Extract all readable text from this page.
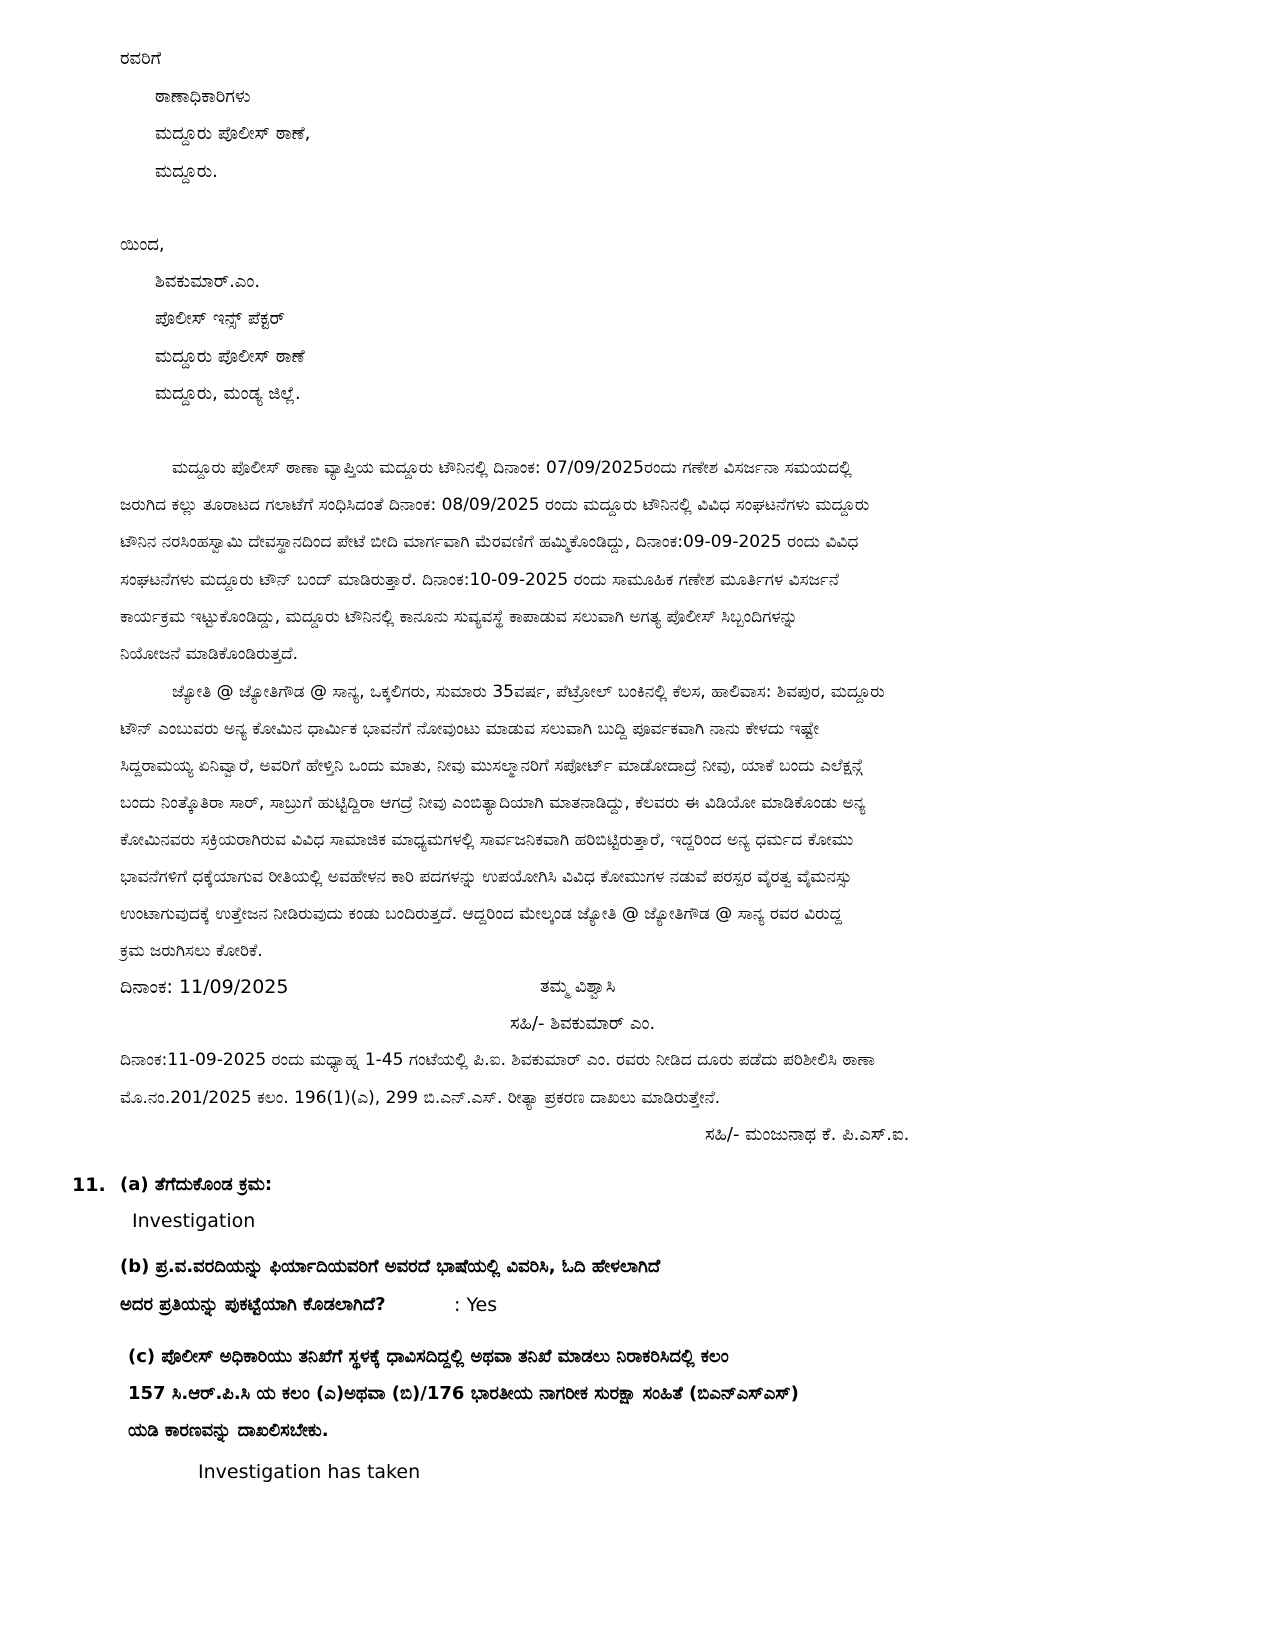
ರವರಿಗೆ
ಠಾಣಾಧಿಕಾರಿಗಳು
ಮದ್ದೂರು ಪೊಲೀಸ್ ಠಾಣೆ,
ಮದ್ದೂರು.
ಯಿಂದ,
ಶಿವಕುಮಾರ್.ಎಂ.
ಪೊಲೀಸ್ ಇನ್ಸ್ ಪೆಕ್ಟರ್
ಮದ್ದೂರು ಪೊಲೀಸ್ ಠಾಣೆ
ಮದ್ದೂರು, ಮಂಡ್ಯ ಜಿಲ್ಲೆ.
ಮದ್ದೂರು ಪೊಲೀಸ್ ಠಾಣಾ ವ್ಯಾಪ್ತಿಯ ಮದ್ದೂರು ಟೌನಿನಲ್ಲಿ ದಿನಾಂಕ: 07/09/2025ರಂದು ಗಣೇಶ ವಿಸರ್ಜನಾ ಸಮಯದಲ್ಲಿ
ಜರುಗಿದ ಕಲ್ಲು ತೂರಾಟದ ಗಲಾಟೆಗೆ ಸಂಧಿಸಿದಂತೆ ದಿನಾಂಕ: 08/09/2025 ರಂದು ಮದ್ದೂರು ಟೌನಿನಲ್ಲಿ ವಿವಿಧ ಸಂಘಟನೆಗಳು ಮದ್ದೂರು
ಟೌನಿನ ನರಸಿಂಹಸ್ವಾಮಿ ದೇವಸ್ಥಾನದಿಂದ ಪೇಟೆ ಬೀದಿ ಮಾರ್ಗವಾಗಿ ಮೆರವಣಿಗೆ ಹಮ್ಮಿಕೊಂಡಿದ್ದು, ದಿನಾಂಕ:09-09-2025 ರಂದು ವಿವಿಧ
ಸಂಘಟನೆಗಳು ಮದ್ದೂರು ಟೌನ್ ಬಂದ್ ಮಾಡಿರುತ್ತಾರೆ. ದಿನಾಂಕ:10-09-2025 ರಂದು ಸಾಮೂಹಿಕ ಗಣೇಶ ಮೂರ್ತಿಗಳ ವಿಸರ್ಜನೆ
ಕಾರ್ಯಕ್ರಮ ಇಟ್ಟುಕೊಂಡಿದ್ದು, ಮದ್ದೂರು ಟೌನಿನಲ್ಲಿ ಕಾನೂನು ಸುವ್ಯವಸ್ಥೆ ಕಾಪಾಡುವ ಸಲುವಾಗಿ ಅಗತ್ಯ ಪೊಲೀಸ್ ಸಿಬ್ಬಂದಿಗಳನ್ನು
ನಿಯೋಜನೆ ಮಾಡಿಕೊಂಡಿರುತ್ತದೆ.
ಜ್ಯೋತಿ @ ಜ್ಯೋತಿಗೌಡ @ ಸಾನ್ಯ, ಒಕ್ಕಲಿಗರು, ಸುಮಾರು 35ವರ್ಷ, ಪೆಟ್ರೋಲ್ ಬಂಕಿನಲ್ಲಿ ಕೆಲಸ, ಹಾಲಿವಾಸ: ಶಿವಪುರ, ಮದ್ದೂರು
ಟೌನ್ ಎಂಬುವರು ಅನ್ಯ ಕೋಮಿನ ಧಾರ್ಮಿಕ ಭಾವನೆಗೆ ನೋವುಂಟು ಮಾಡುವ ಸಲುವಾಗಿ ಬುದ್ದಿ ಪೂರ್ವಕವಾಗಿ ನಾನು ಕೇಳದು ಇಷ್ಟೇ
ಸಿದ್ದರಾಮಯ್ಯ ಏನಿವ್ವಾರೆ, ಅವರಿಗೆ ಹೇಳ್ತಿನಿ ಒಂದು ಮಾತು, ನೀವು ಮುಸಲ್ಮಾನರಿಗೆ ಸಪೋರ್ಟ್ ಮಾಡೋದಾದ್ರೆ ನೀವು, ಯಾಕೆ ಬಂದು ಎಲೆಕ್ಷನ್ಗೆ
ಬಂದು ನಿಂತ್ಕೊತಿರಾ ಸಾರ್, ಸಾಬ್ರುಗೆ ಹುಟ್ಟಿದ್ದಿರಾ ಆಗದ್ರೆ ನೀವು ಎಂಬಿತ್ಯಾದಿಯಾಗಿ ಮಾತನಾಡಿದ್ದು, ಕೆಲವರು ಈ ವಿಡಿಯೋ ಮಾಡಿಕೊಂಡು ಅನ್ಯ
ಕೋಮಿನವರು ಸಕ್ರಿಯರಾಗಿರುವ ವಿವಿಧ ಸಾಮಾಜಿಕ ಮಾಧ್ಯಮಗಳಲ್ಲಿ ಸಾರ್ವಜನಿಕವಾಗಿ ಹರಿಬಿಟ್ಟಿರುತ್ತಾರೆ, ಇದ್ದರಿಂದ ಅನ್ಯ ಧರ್ಮದ ಕೋಮು
ಭಾವನೆಗಳಿಗೆ ಧಕ್ಕೆಯಾಗುವ ರೀತಿಯಲ್ಲಿ ಅವಹೇಳನ ಕಾರಿ ಪದಗಳನ್ನು ಉಪಯೋಗಿಸಿ ವಿವಿಧ ಕೋಮುಗಳ ನಡುವೆ ಪರಸ್ಪರ ವೈರತ್ವ ವೈಮನಸ್ಸು
ಉಂಟಾಗುವುದಕ್ಕೆ ಉತ್ತೇಜನ ನೀಡಿರುವುದು ಕಂಡು ಬಂದಿರುತ್ತದೆ. ಆದ್ದರಿಂದ ಮೇಲ್ಕಂಡ ಜ್ಯೋತಿ @ ಜ್ಯೋತಿಗೌಡ @ ಸಾನ್ಯ ರವರ ವಿರುದ್ದ
ಕ್ರಮ ಜರುಗಿಸಲು ಕೋರಿಕೆ.
ದಿನಾಂಕ: 11/09/2025	ತಮ್ಮ ವಿಶ್ವಾಸಿ
ಸಹಿ/- ಶಿವಕುಮಾರ್ ಎಂ.
ದಿನಾಂಕ:11-09-2025 ರಂದು ಮಧ್ಯಾಹ್ನ 1-45 ಗಂಟೆಯಲ್ಲಿ ಪಿ.ಐ. ಶಿವಕುಮಾರ್ ಎಂ. ರವರು ನೀಡಿದ ದೂರು ಪಡೆದು ಪರಿಶೀಲಿಸಿ ಠಾಣಾ
ಮೊ.ನಂ.201/2025 ಕಲಂ. 196(1)(ಎ), 299 ಬಿ.ಎನ್.ಎಸ್. ರೀತ್ಯಾ ಪ್ರಕರಣ ದಾಖಲು ಮಾಡಿರುತ್ತೇನೆ.
ಸಹಿ/- ಮಂಜುನಾಥ ಕೆ. ಪಿ.ಎಸ್.ಐ.
11. (a) ತೆಗೆದುಕೊಂಡ ಕ್ರಮ:
Investigation
(b) ಪ್ರ.ವ.ವರದಿಯನ್ನು ಫಿರ್ಯಾದಿಯವರಿಗೆ ಅವರದೆ ಭಾಷೆಯಲ್ಲಿ ವಿವರಿಸಿ, ಓದಿ ಹೇಳಲಾಗಿದೆ
ಅದರ ಪ್ರತಿಯನ್ನು ಪುಕಟ್ಟೆಯಾಗಿ ಕೊಡಲಾಗಿದೆ?	: Yes
(c) ಪೊಲೀಸ್ ಅಧಿಕಾರಿಯು ತನಿಖೆಗೆ ಸ್ಥಳಕ್ಕೆ ಧಾವಿಸದಿದ್ದಲ್ಲಿ ಅಥವಾ ತನಿಖೆ ಮಾಡಲು ನಿರಾಕರಿಸಿದಲ್ಲಿ ಕಲಂ
157 ಸಿ.ಆರ್.ಪಿ.ಸಿ ಯ ಕಲಂ (ಎ)ಅಥವಾ (ಬಿ)/176 ಭಾರತೀಯ ನಾಗರೀಕ ಸುರಕ್ಷಾ ಸಂಹಿತೆ (ಬಿಎನ್ಎಸ್ಎಸ್)
ಯಡಿ ಕಾರಣವನ್ನು ದಾಖಲಿಸಬೇಕು.
Investigation has taken
